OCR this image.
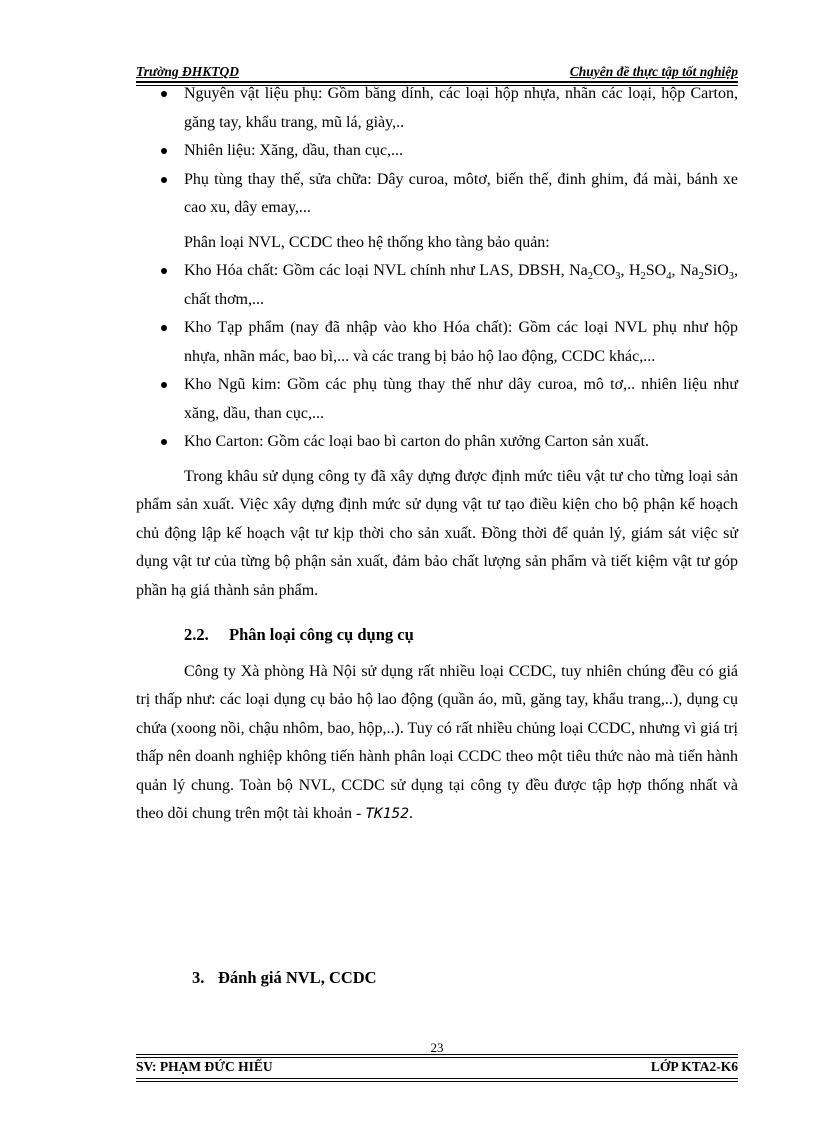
Trường ĐHKTQD	Chuyên đề thực tập tốt nghiệp
Nguyên vật liệu phụ: Gồm băng dính, các loại hộp nhựa, nhãn các loại, hộp Carton, găng tay, khẩu trang, mũ lá, giày,..
Nhiên liệu: Xăng, dầu, than cục,...
Phụ tùng thay thế, sửa chữa: Dây curoa, môtơ, biến thế, đinh ghim, đá mài, bánh xe cao xu, dây emay,...

Phân loại NVL, CCDC theo hệ thống kho tàng bảo quản:

Kho Hóa chất: Gồm các loại NVL chính như LAS, DBSH, $Na_2CO_3$, $H_2SO_4$, $Na_2SiO_3$, chất thơm,...
Kho Tạp phẩm (nay đã nhập vào kho Hóa chất): Gồm các loại NVL phụ như hộp nhựa, nhãn mác, bao bì,... và các trang bị bảo hộ lao động, CCDC khác,...
Kho Ngũ kim: Gồm các phụ tùng thay thế như dây curoa, mô tơ,.. nhiên liệu như xăng, dầu, than cục,...
Kho Carton: Gồm các loại bao bì carton do phân xưởng Carton sản xuất.

Trong khâu sử dụng công ty đã xây dựng được định mức tiêu vật tư cho từng loại sản phẩm sản xuất. Việc xây dựng định mức sử dụng vật tư tạo điều kiện cho bộ phận kế hoạch chủ động lập kế hoạch vật tư kịp thời cho sản xuất. Đồng thời để quản lý, giám sát việc sử dụng vật tư của từng bộ phận sản xuất, đảm bảo chất lượng sản phẩm và tiết kiệm vật tư góp phần hạ giá thành sản phẩm.

2.2. Phân loại công cụ dụng cụ

Công ty Xà phòng Hà Nội sử dụng rất nhiều loại CCDC, tuy nhiên chúng đều có giá trị thấp như: các loại dụng cụ bảo hộ lao động (quần áo, mũ, găng tay, khẩu trang,..), dụng cụ chứa (xoong nồi, chậu nhôm, bao, hộp,..). Tuy có rất nhiều chủng loại CCDC, nhưng vì giá trị thấp nên doanh nghiệp không tiến hành phân loại CCDC theo một tiêu thức nào mà tiến hành quản lý chung. Toàn bộ NVL, CCDC sử dụng tại công ty đều được tập hợp thống nhất và theo dõi chung trên một tài khoản - TK152.

3. Đánh giá NVL, CCDC
23
SV: PHẠM ĐỨC HIẾU	LỚP KTA2-K6
